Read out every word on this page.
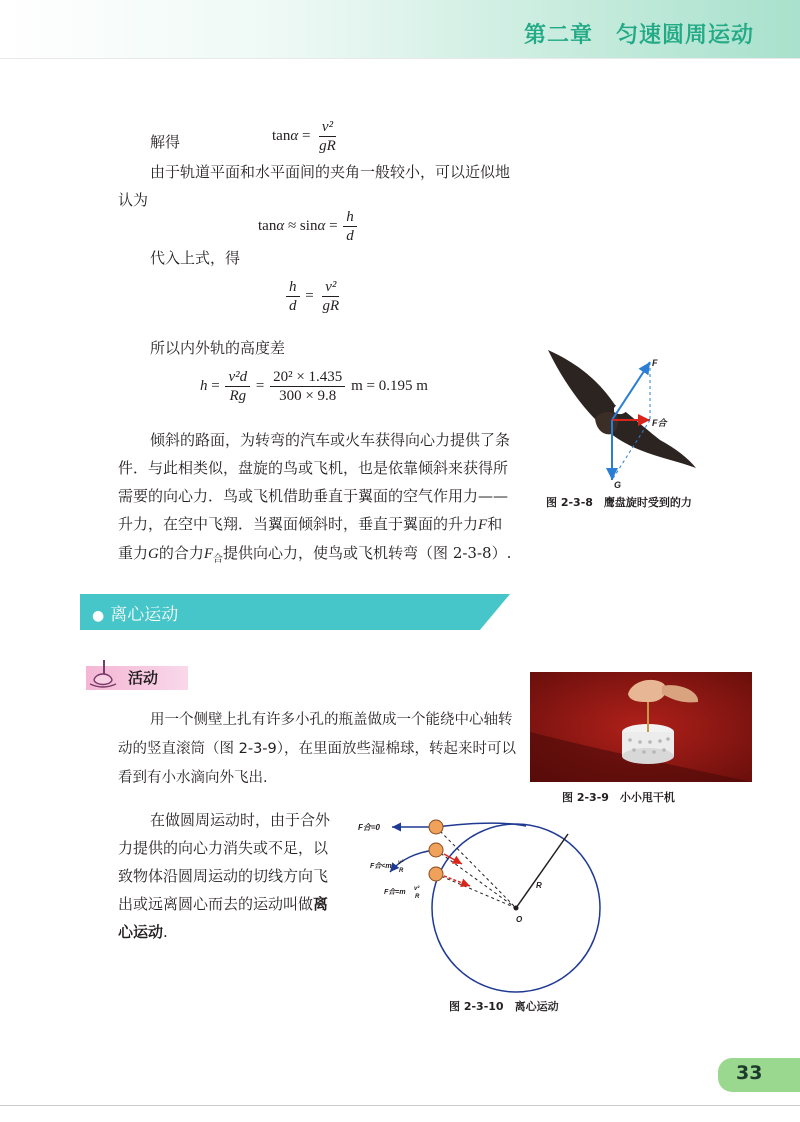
第二章　匀速圆周运动
解得	$\tan \alpha = \frac{\text{v²}}{gR}$
由于轨道平面和水平面间的夹角一般较小，可以近似地认为
$\tan \alpha \approx \sin \alpha = \frac{h}{d}$
代入上式，得
$\frac{h}{d} = \frac{\text{v²}}{gR}$
所以内外轨的高度差
$h = \frac{\text{v²d}}{Rg} = \frac{\text{20² × 1.435}}{300 \times 9.8}$ m = 0.195 m
倾斜的路面，为转弯的汽车或火车获得向心力提供了条件．与此相类似，盘旋的鸟或飞机，也是依靠倾斜来获得所需要的向心力．鸟或飞机借助垂直于翼面的空气作用力——升力，在空中飞翔．当翼面倾斜时，垂直于翼面的升力F和重力G的合力$F_合$提供向心力，使鸟或飞机转弯（图 2-3-8）.
F
F合
G
图 2-3-8　鹰盘旋时受到的力
● 离心运动
活动
用一个侧壁上扎有许多小孔的瓶盖做成一个能绕中心轴转动的竖直滚筒（图 2-3-9），在里面放些湿棉球，转起来时可以看到有小水滴向外飞出.
图 2-3-9　小小甩干机
在做圆周运动时，由于合外力提供的向心力消失或不足，以致物体沿圆周运动的切线方向飞出或远离圆心而去的运动叫做离心运动.
F合=0
F合<m v²
R
F合=m v²
R
R
O
图 2-3-10　离心运动
33
